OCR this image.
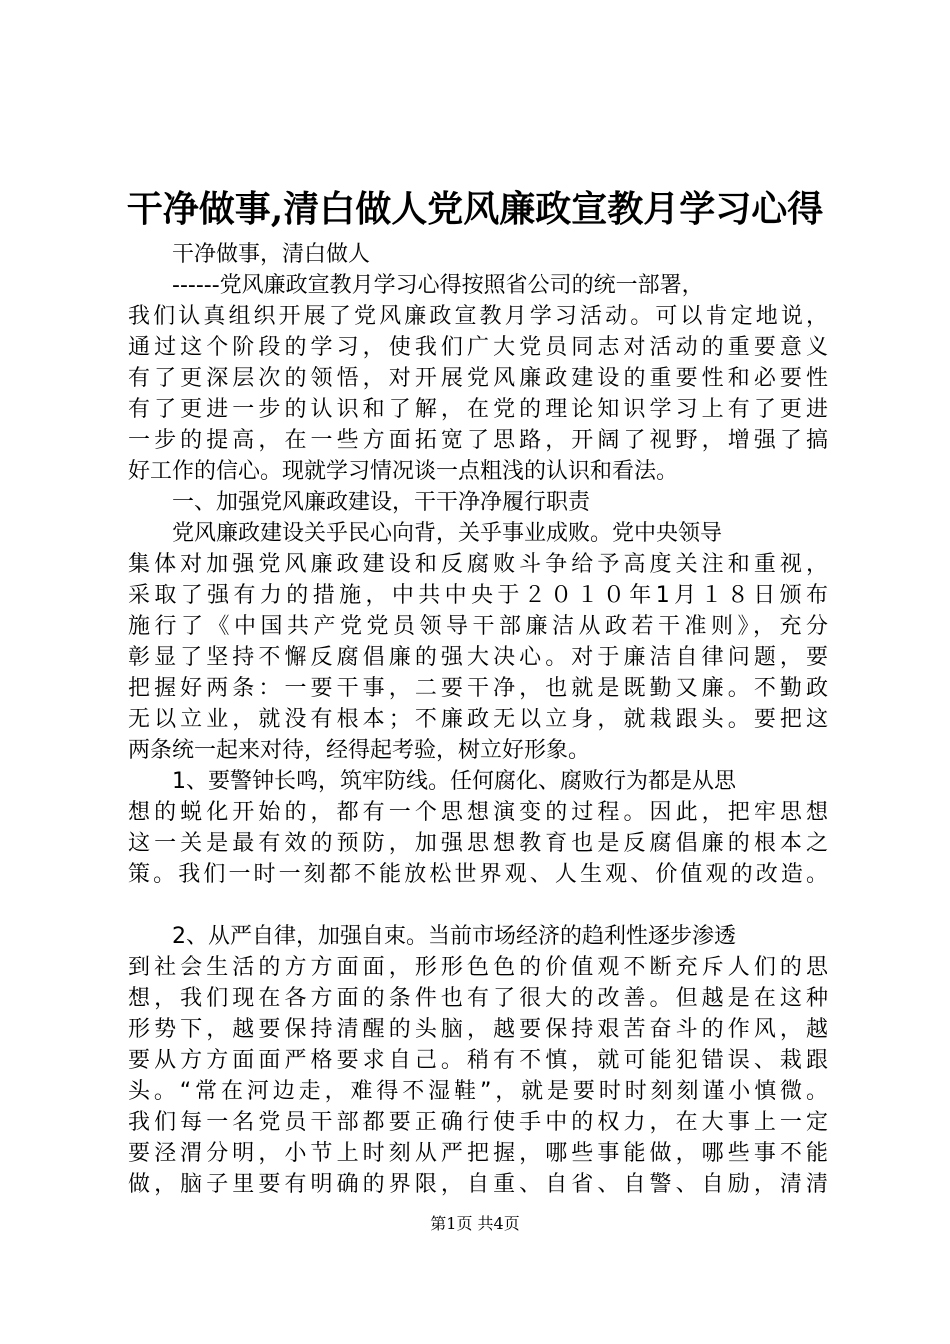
干净做事,清白做人党风廉政宣教月学习心得
干净做事，清白做人
------党风廉政宣教月学习心得按照省公司的统一部署，
我们认真组织开展了党风廉政宣教月学习活动。可以肯定地说，
通过这个阶段的学习，使我们广大党员同志对活动的重要意义
有了更深层次的领悟，对开展党风廉政建设的重要性和必要性
有了更进一步的认识和了解，在党的理论知识学习上有了更进
一步的提高，在一些方面拓宽了思路，开阔了视野，增强了搞
好工作的信心。现就学习情况谈一点粗浅的认识和看法。
一、加强党风廉政建设，干干净净履行职责
党风廉政建设关乎民心向背，关乎事业成败。党中央领导
集体对加强党风廉政建设和反腐败斗争给予高度关注和重视，
采取了强有力的措施，中共中央于２０１０年1月１８日颁布
施行了《中国共产党党员领导干部廉洁从政若干准则》，充分
彰显了坚持不懈反腐倡廉的强大决心。对于廉洁自律问题，要
把握好两条：一要干事，二要干净，也就是既勤又廉。不勤政
无以立业，就没有根本；不廉政无以立身，就栽跟头。要把这
两条统一起来对待，经得起考验，树立好形象。
1、要警钟长鸣，筑牢防线。任何腐化、腐败行为都是从思
想的蜕化开始的，都有一个思想演变的过程。因此，把牢思想
这一关是最有效的预防，加强思想教育也是反腐倡廉的根本之
策。我们一时一刻都不能放松世界观、人生观、价值观的改造。
2、从严自律，加强自束。当前市场经济的趋利性逐步渗透
到社会生活的方方面面，形形色色的价值观不断充斥人们的思
想，我们现在各方面的条件也有了很大的改善。但越是在这种
形势下，越要保持清醒的头脑，越要保持艰苦奋斗的作风，越
要从方方面面严格要求自己。稍有不慎，就可能犯错误、栽跟
头。“常在河边走，难得不湿鞋”，就是要时时刻刻谨小慎微。
我们每一名党员干部都要正确行使手中的权力，在大事上一定
要泾渭分明，小节上时刻从严把握，哪些事能做，哪些事不能
做，脑子里要有明确的界限，自重、自省、自警、自励，清清
第1页 共4页
